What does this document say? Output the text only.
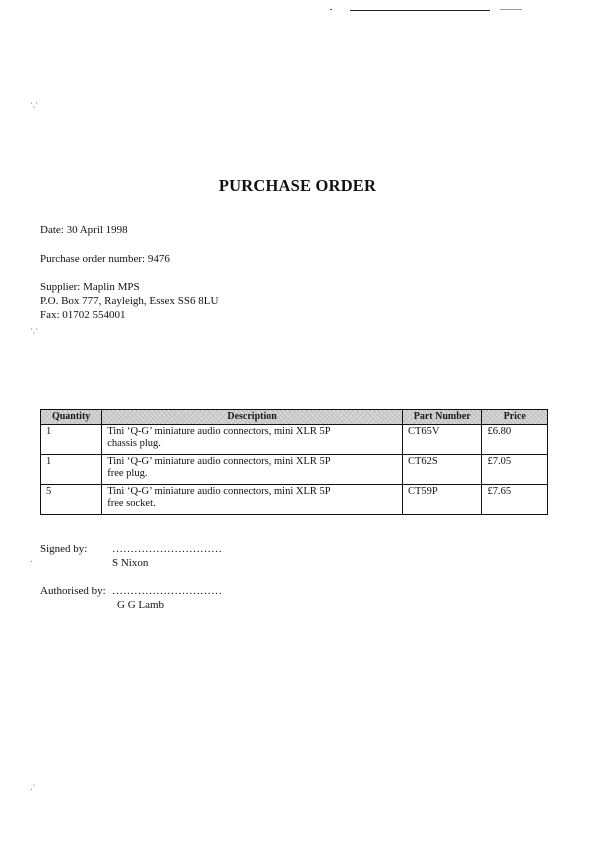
·ˏ·
·ˏ·
ˏ
ˏ·
PURCHASE ORDER
Date: 30 April 1998
Purchase order number: 9476
Supplier: Maplin MPS
P.O. Box 777, Rayleigh, Essex SS6 8LU
Fax: 01702 554001
Quantity	Description	Part Number	Price
1	Tini ‘Q-G’ miniature audio connectors, mini XLR 5P
chassis plug.	CT65V	£6.80
1	Tini ‘Q-G’ miniature audio connectors, mini XLR 5P
free plug.	CT62S	£7.05
5	Tini ‘Q-G’ miniature audio connectors, mini XLR 5P
free socket.	CT59P	£7.65
Signed by: …………………………
S Nixon
Authorised by: …………………………
G G Lamb
